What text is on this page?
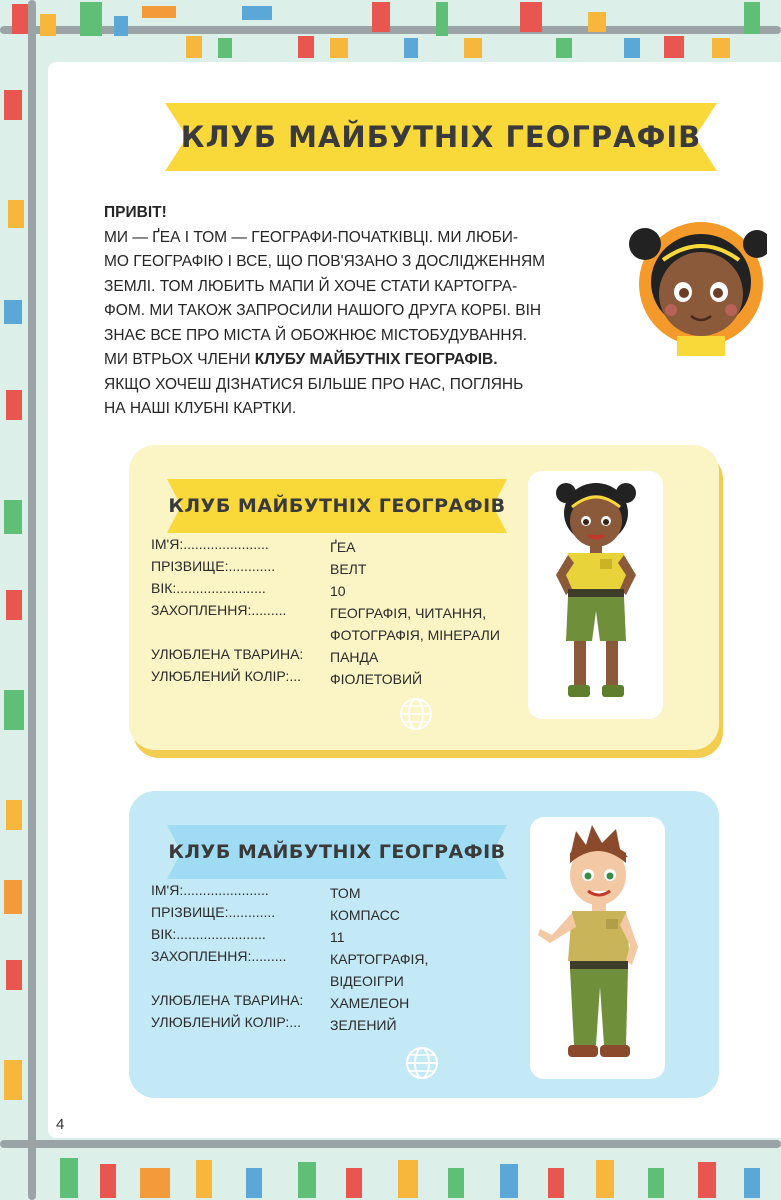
КЛУБ МАЙБУТНІХ ГЕОГРАФІВ

ПРИВІТ!

МИ — ҐЕА І ТОМ — ГЕОГРАФИ-ПОЧАТКІВЦІ. МИ ЛЮБИ-

МО ГЕОГРАФІЮ І ВСЕ, ЩО ПОВ'ЯЗАНО З ДОСЛІДЖЕННЯМ

ЗЕМЛІ. ТОМ ЛЮБИТЬ МАПИ Й ХОЧЕ СТАТИ КАРТОГРА-

ФОМ. МИ ТАКОЖ ЗАПРОСИЛИ НАШОГО ДРУГА КОРБІ. ВІН

ЗНАЄ ВСЕ ПРО МІСТА Й ОБОЖНЮЄ МІСТОБУДУВАННЯ.

МИ ВТРЬОХ ЧЛЕНИ КЛУБУ МАЙБУТНІХ ГЕОГРАФІВ.

ЯКЩО ХОЧЕШ ДІЗНАТИСЯ БІЛЬШЕ ПРО НАС, ПОГЛЯНЬ

НА НАШІ КЛУБНІ КАРТКИ.

КЛУБ МАЙБУТНІХ ГЕОГРАФІВ
ІМ'Я:......................	ҐЕА
ПРІЗВИЩЕ:............	ВЕЛТ
ВІК:.......................	10
ЗАХОПЛЕННЯ:.........	ГЕОГРАФІЯ, ЧИТАННЯ,
ФОТОГРАФІЯ, МІНЕРАЛИ
УЛЮБЛЕНА ТВАРИНА: ПАНДА
УЛЮБЛЕНИЙ КОЛІР:... ФІОЛЕТОВИЙ
КЛУБ МАЙБУТНІХ ГЕОГРАФІВ
ІМ'Я:......................	ТОМ
ПРІЗВИЩЕ:............	КОМПАСС
ВІК:.......................	11
ЗАХОПЛЕННЯ:.........	КАРТОГРАФІЯ,
ВІДЕОІГРИ
УЛЮБЛЕНА ТВАРИНА: ХАМЕЛЕОН
УЛЮБЛЕНИЙ КОЛІР:... ЗЕЛЕНИЙ
4
